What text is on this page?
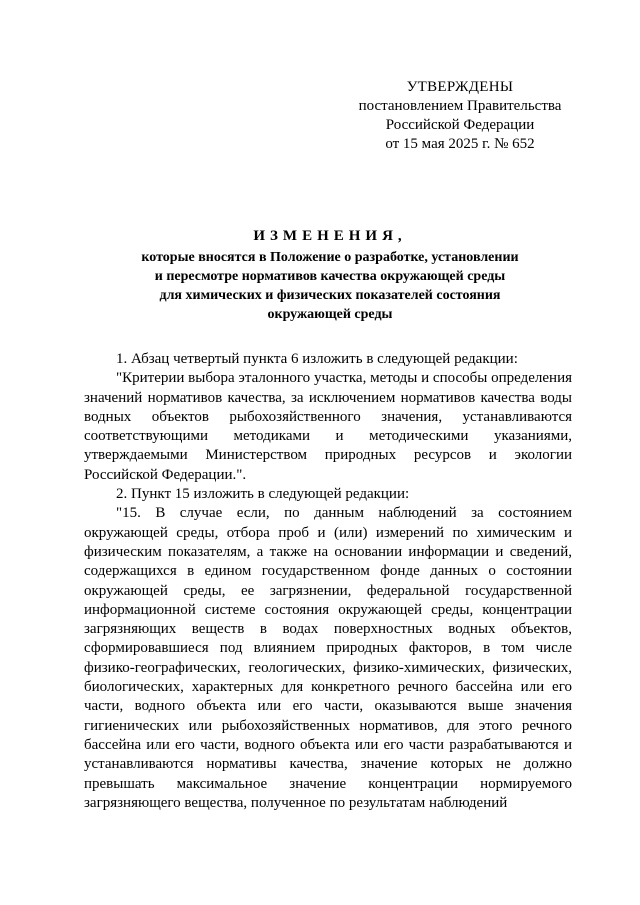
УТВЕРЖДЕНЫ
постановлением Правительства
Российской Федерации
от 15 мая 2025 г. № 652
ИЗМЕНЕНИЯ,
которые вносятся в Положение о разработке, установлении
и пересмотре нормативов качества окружающей среды
для химических и физических показателей состояния
окружающей среды

1. Абзац четвертый пункта 6 изложить в следующей редакции:

"Критерии выбора эталонного участка, методы и способы определения значений нормативов качества, за исключением нормативов качества воды водных объектов рыбохозяйственного значения, устанавливаются соответствующими методиками и методическими указаниями, утверждаемыми Министерством природных ресурсов и экологии Российской Федерации.".

2. Пункт 15 изложить в следующей редакции:

"15. В случае если, по данным наблюдений за состоянием окружающей среды, отбора проб и (или) измерений по химическим и физическим показателям, а также на основании информации и сведений, содержащихся в едином государственном фонде данных о состоянии окружающей среды, ее загрязнении, федеральной государственной информационной системе состояния окружающей среды, концентрации загрязняющих веществ в водах поверхностных водных объектов, сформировавшиеся под влиянием природных факторов, в том числе физико-географических, геологических, физико-химических, физических, биологических, характерных для конкретного речного бассейна или его части, водного объекта или его части, оказываются выше значения гигиенических или рыбохозяйственных нормативов, для этого речного бассейна или его части, водного объекта или его части разрабатываются и устанавливаются нормативы качества, значение которых не должно превышать максимальное значение концентрации нормируемого загрязняющего вещества, полученное по результатам наблюдений
